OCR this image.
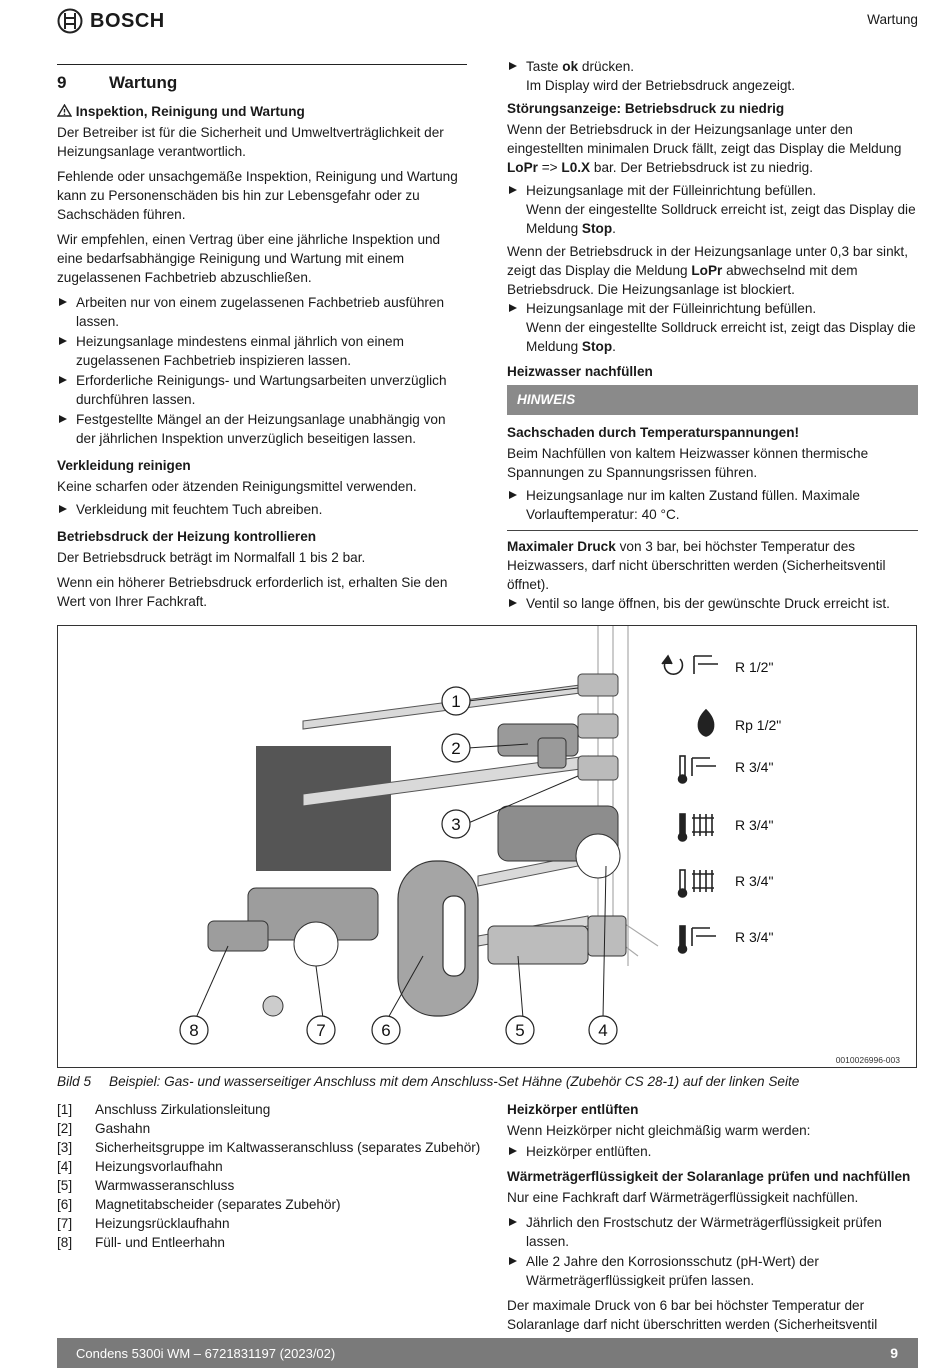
BOSCH	Wartung
9	Wartung
Inspektion, Reinigung und Wartung

Der Betreiber ist für die Sicherheit und Umweltverträglichkeit der Heizungsanlage verantwortlich.

Fehlende oder unsachgemäße Inspektion, Reinigung und Wartung kann zu Personenschäden bis hin zur Lebensgefahr oder zu Sachschäden führen.

Wir empfehlen, einen Vertrag über eine jährliche Inspektion und eine bedarfsabhängige Reinigung und Wartung mit einem zugelassenen Fachbetrieb abzuschließen.

Arbeiten nur von einem zugelassenen Fachbetrieb ausführen lassen.
Heizungsanlage mindestens einmal jährlich von einem zugelassenen Fachbetrieb inspizieren lassen.
Erforderliche Reinigungs- und Wartungsarbeiten unverzüglich durchführen lassen.
Festgestellte Mängel an der Heizungsanlage unabhängig von der jährlichen Inspektion unverzüglich beseitigen lassen.
Verkleidung reinigen

Keine scharfen oder ätzenden Reinigungsmittel verwenden.

Verkleidung mit feuchtem Tuch abreiben.
Betriebsdruck der Heizung kontrollieren

Der Betriebsdruck beträgt im Normalfall 1 bis 2 bar.

Wenn ein höherer Betriebsdruck erforderlich ist, erhalten Sie den Wert von Ihrer Fachkraft.

Taste ok drücken.
Im Display wird der Betriebsdruck angezeigt.
Störungsanzeige: Betriebsdruck zu niedrig

Wenn der Betriebsdruck in der Heizungsanlage unter den eingestellten minimalen Druck fällt, zeigt das Display die Meldung LoPr => L0.X bar. Der Betriebsdruck ist zu niedrig.

Heizungsanlage mit der Fülleinrichtung befüllen.
Wenn der eingestellte Solldruck erreicht ist, zeigt das Display die Meldung Stop.

Wenn der Betriebsdruck in der Heizungsanlage unter 0,3 bar sinkt, zeigt das Display die Meldung LoPr abwechselnd mit dem Betriebsdruck. Die Heizungsanlage ist blockiert.

Heizungsanlage mit der Fülleinrichtung befüllen.
Wenn der eingestellte Solldruck erreicht ist, zeigt das Display die Meldung Stop.
Heizwasser nachfüllen
HINWEIS
Sachschaden durch Temperaturspannungen!

Beim Nachfüllen von kaltem Heizwasser können thermische Spannungen zu Spannungsrissen führen.

Heizungsanlage nur im kalten Zustand füllen. Maximale Vorlauftemperatur: 40 °C.

Maximaler Druck von 3 bar, bei höchster Temperatur des Heizwassers, darf nicht überschritten werden (Sicherheitsventil öffnet).

Ventil so lange öffnen, bis der gewünschte Druck erreicht ist.
1
2
3
4
5
6
7
8
R 1/2"
Rp 1/2"
R 3/4"
R 3/4"
R 3/4"
R 3/4"
0010026996-003
Bild 5 Beispiel: Gas- und wasserseitiger Anschluss mit dem Anschluss-Set Hähne (Zubehör CS 28-1) auf der linken Seite
[1]	Anschluss Zirkulationsleitung
[2]	Gashahn
[3]	Sicherheitsgruppe im Kaltwasseranschluss (separates Zubehör)
[4]	Heizungsvorlaufhahn
[5]	Warmwasseranschluss
[6]	Magnetitabscheider (separates Zubehör)
[7]	Heizungsrücklaufhahn
[8]	Füll- und Entleerhahn
Heizkörper entlüften

Wenn Heizkörper nicht gleichmäßig warm werden:

Heizkörper entlüften.
Wärmeträgerflüssigkeit der Solaranlage prüfen und nachfüllen

Nur eine Fachkraft darf Wärmeträgerflüssigkeit nachfüllen.

Jährlich den Frostschutz der Wärmeträgerflüssigkeit prüfen lassen.
Alle 2 Jahre den Korrosionsschutz (pH-Wert) der Wärmeträgerflüssigkeit prüfen lassen.

Der maximale Druck von 6 bar bei höchster Temperatur der Solaranlage darf nicht überschritten werden (Sicherheitsventil

Condens 5300i WM – 6721831197 (2023/02)	9
